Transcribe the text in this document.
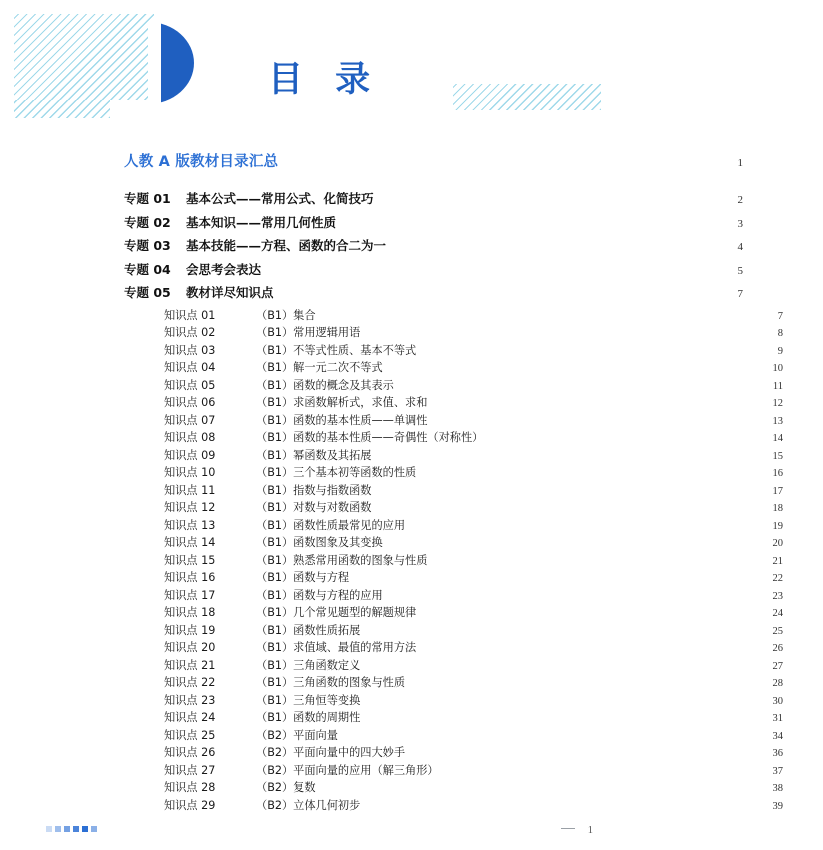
目 录
人教 A 版教材目录汇总	1
专题 01 基本公式——常用公式、化简技巧	2
专题 02 基本知识——常用几何性质	3
专题 03 基本技能——方程、函数的合二为一	4
专题 04 会思考会表达	5
专题 05 教材详尽知识点	7
知识点 01	（B1）集合	7
知识点 02	（B1）常用逻辑用语	8
知识点 03	（B1）不等式性质、基本不等式	9
知识点 04	（B1）解一元二次不等式	10
知识点 05	（B1）函数的概念及其表示	11
知识点 06	（B1）求函数解析式，求值、求和	12
知识点 07	（B1）函数的基本性质——单调性	13
知识点 08	（B1）函数的基本性质——奇偶性（对称性）	14
知识点 09	（B1）幂函数及其拓展	15
知识点 10	（B1）三个基本初等函数的性质	16
知识点 11	（B1）指数与指数函数	17
知识点 12	（B1）对数与对数函数	18
知识点 13	（B1）函数性质最常见的应用	19
知识点 14	（B1）函数图象及其变换	20
知识点 15	（B1）熟悉常用函数的图象与性质	21
知识点 16	（B1）函数与方程	22
知识点 17	（B1）函数与方程的应用	23
知识点 18	（B1）几个常见题型的解题规律	24
知识点 19	（B1）函数性质拓展	25
知识点 20	（B1）求值域、最值的常用方法	26
知识点 21	（B1）三角函数定义	27
知识点 22	（B1）三角函数的图象与性质	28
知识点 23	（B1）三角恒等变换	30
知识点 24	（B1）函数的周期性	31
知识点 25	（B2）平面向量	34
知识点 26	（B2）平面向量中的四大妙手	36
知识点 27	（B2）平面向量的应用（解三角形）	37
知识点 28	（B2）复数	38
知识点 29	（B2）立体几何初步	39
1
